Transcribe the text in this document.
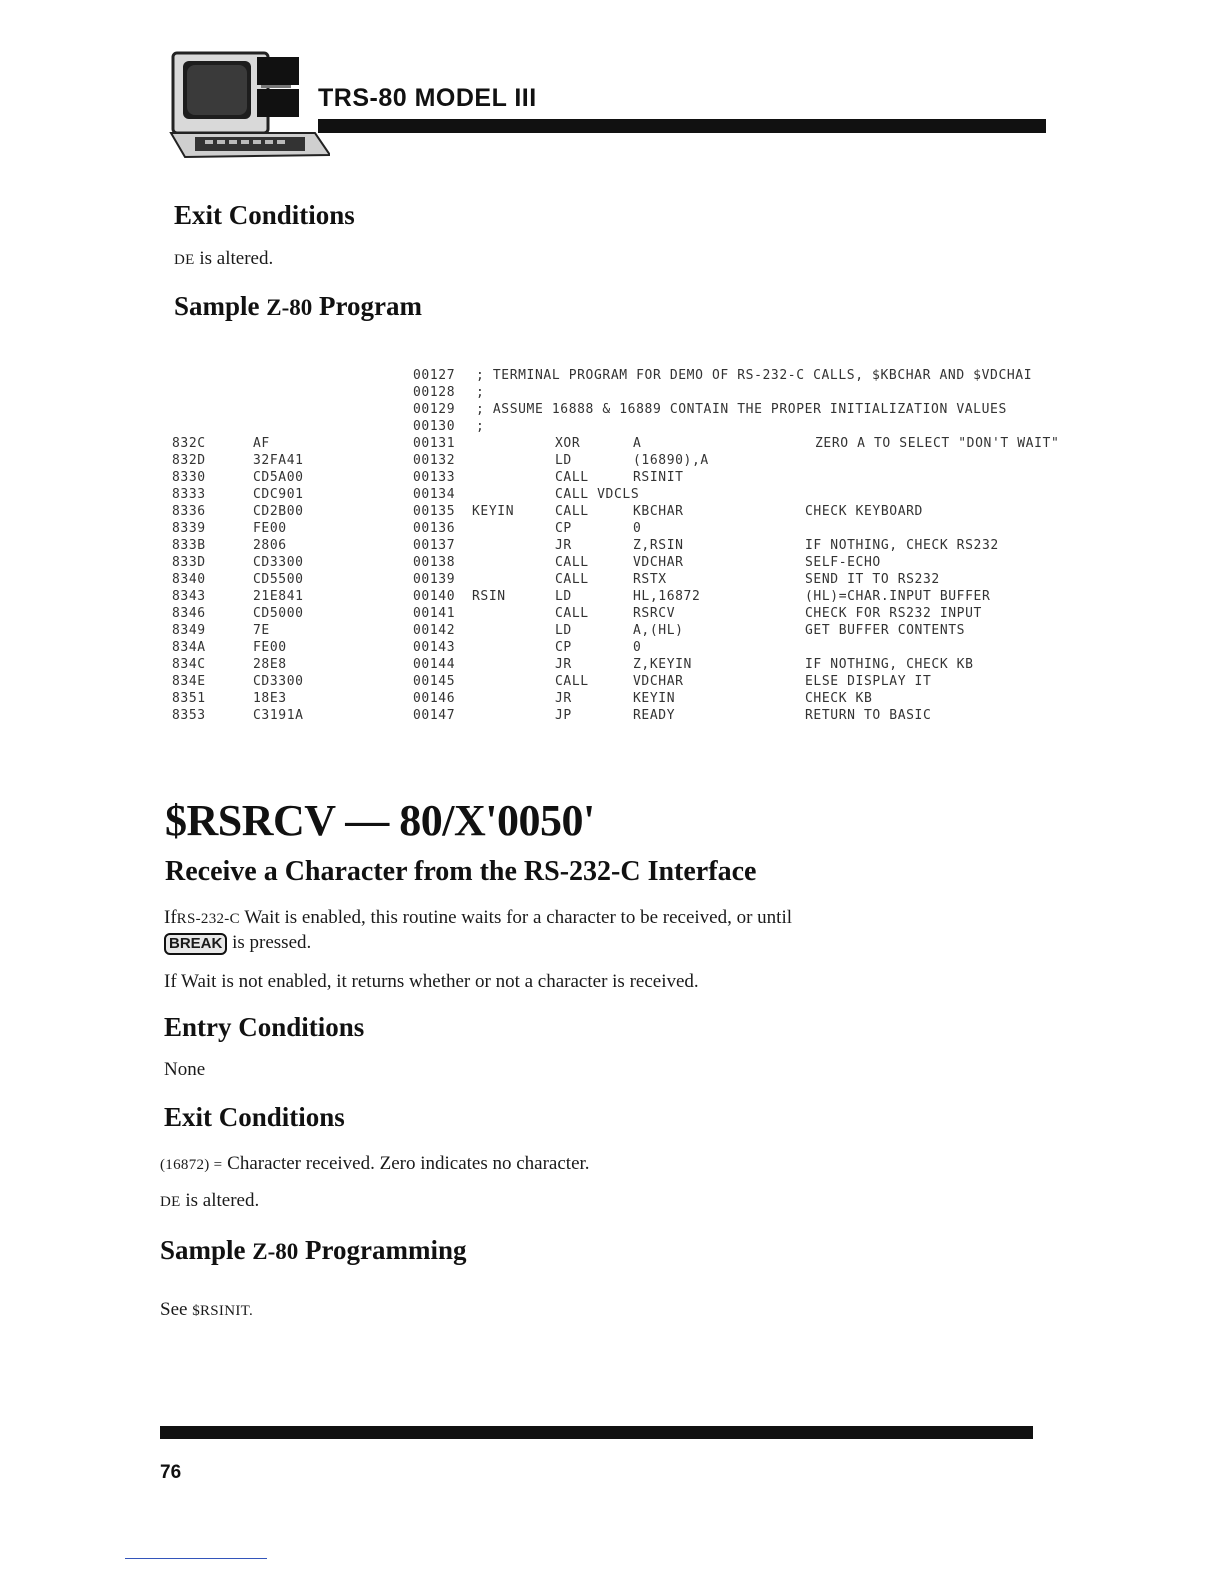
TRS-80 MODEL III
Exit Conditions

DE is altered.

Sample Z-80 Program
00127 ; TERMINAL PROGRAM FOR DEMO OF RS-232-C CALLS, $KBCHAR AND $VDCHAI
00128 ;
00129 ; ASSUME 16888 & 16889 CONTAIN THE PROPER INITIALIZATION VALUES
00130 ;
832C	AF	00131	XOR	A	ZERO A TO SELECT "DON'T WAIT"
832D	32FA41	00132	LD	(16890),A
8330	CD5A00	00133	CALL	RSINIT
8333	CDC901	00134	CALL VDCLS
8336	CD2B00	00135 KEYIN	CALL	KBCHAR	CHECK KEYBOARD
8339	FE00	00136	CP	0
833B	2806	00137	JR	Z,RSIN	IF NOTHING, CHECK RS232
833D	CD3300	00138	CALL	VDCHAR	SELF-ECHO
8340	CD5500	00139	CALL	RSTX	SEND IT TO RS232
8343	21E841	00140 RSIN	LD	HL,16872	(HL)=CHAR.INPUT BUFFER
8346	CD5000	00141	CALL	RSRCV	CHECK FOR RS232 INPUT
8349	7E	00142	LD	A,(HL)	GET BUFFER CONTENTS
834A	FE00	00143	CP	0
834C	28E8	00144	JR	Z,KEYIN	IF NOTHING, CHECK KB
834E	CD3300	00145	CALL	VDCHAR	ELSE DISPLAY IT
8351	18E3	00146	JR	KEYIN	CHECK KB
8353	C3191A	00147	JP	READY	RETURN TO BASIC
$RSRCV — 80/X'0050'
Receive a Character from the RS-232-C Interface

IfRS-232-C Wait is enabled, this routine waits for a character to be received, or until
BREAK is pressed.

If Wait is not enabled, it returns whether or not a character is received.

Entry Conditions

None

Exit Conditions

(16872) = Character received. Zero indicates no character.

DE is altered.

Sample Z-80 Programming

See $RSINIT.

76
